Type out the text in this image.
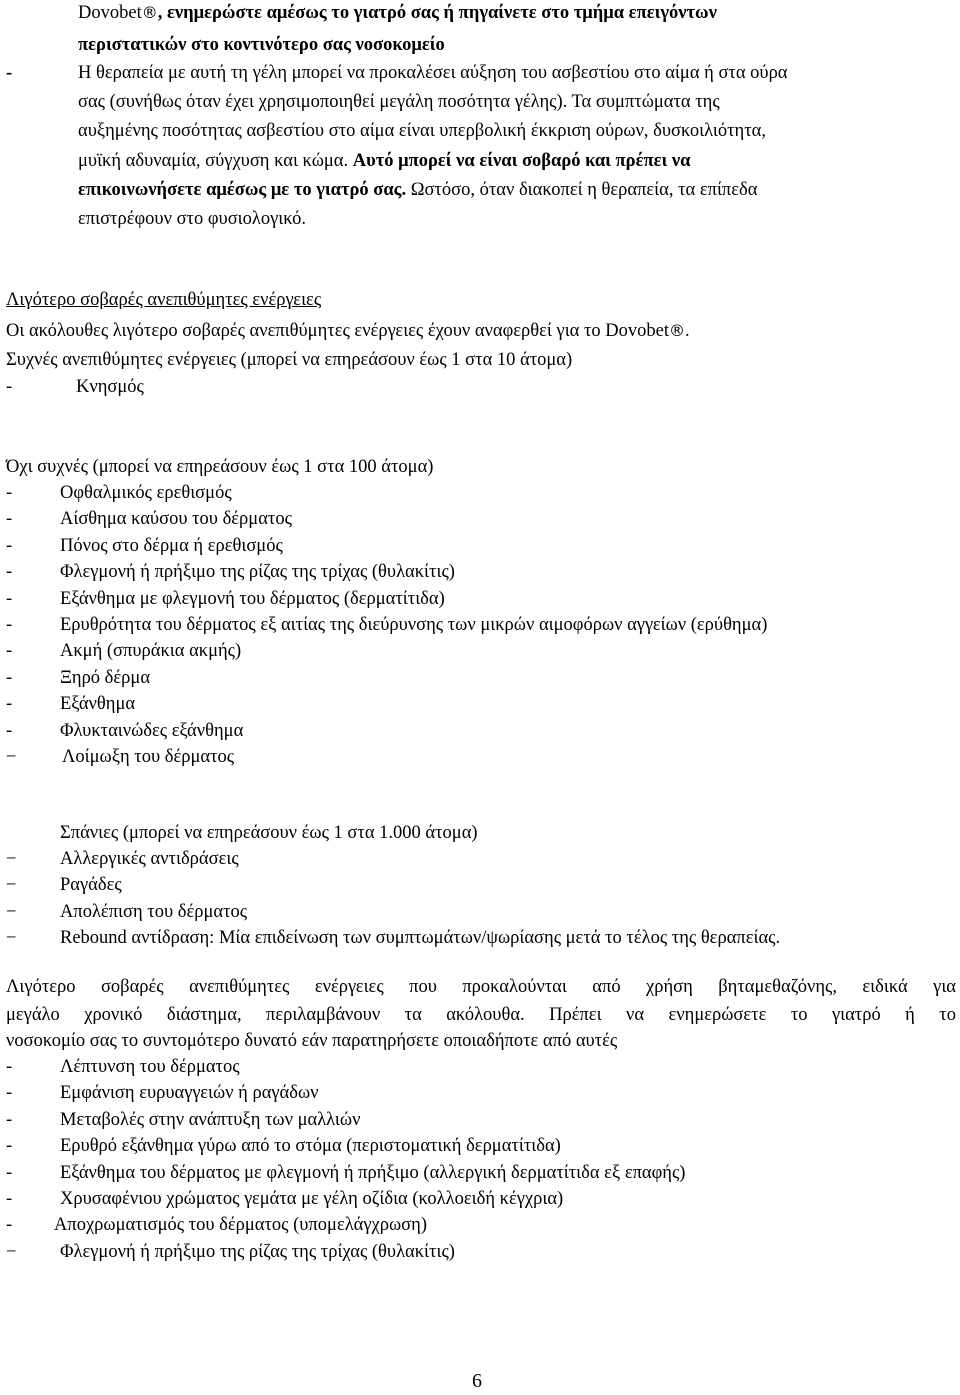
Dovobet®, ενημερώστε αμέσως το γιατρό σας ή πηγαίνετε στο τμήμα επειγόντων
περιστατικών στο κοντινότερο σας νοσοκομείο
-	Η θεραπεία με αυτή τη γέλη μπορεί να προκαλέσει αύξηση του ασβεστίου στο αίμα ή στα ούρα
σας (συνήθως όταν έχει χρησιμοποιηθεί μεγάλη ποσότητα γέλης). Τα συμπτώματα της
αυξημένης ποσότητας ασβεστίου στο αίμα είναι υπερβολική έκκριση ούρων, δυσκοιλιότητα,
μυϊκή αδυναμία, σύγχυση και κώμα. Αυτό μπορεί να είναι σοβαρό και πρέπει να
επικοινωνήσετε αμέσως με το γιατρό σας. Ωστόσο, όταν διακοπεί η θεραπεία, τα επίπεδα
επιστρέφουν στο φυσιολογικό.
Λιγότερο σοβαρές ανεπιθύμητες ενέργειες
Οι ακόλουθες λιγότερο σοβαρές ανεπιθύμητες ενέργειες έχουν αναφερθεί για το Dovobet®.
Συχνές ανεπιθύμητες ενέργειες (μπορεί να επηρεάσουν έως 1 στα 10 άτομα)
-	Κνησμός
Όχι συχνές (μπορεί να επηρεάσουν έως 1 στα 100 άτομα)
-	Οφθαλμικός ερεθισμός
-	Αίσθημα καύσου του δέρματος
-	Πόνος στο δέρμα ή ερεθισμός
-	Φλεγμονή ή πρήξιμο της ρίζας της τρίχας (θυλακίτις)
-	Εξάνθημα με φλεγμονή του δέρματος (δερματίτιδα)
-	Ερυθρότητα του δέρματος εξ αιτίας της διεύρυνσης των μικρών αιμοφόρων αγγείων (ερύθημα)
-	Ακμή (σπυράκια ακμής)
-	Ξηρό δέρμα
-	Εξάνθημα
-	Φλυκταινώδες εξάνθημα
−	Λοίμωξη του δέρματος
Σπάνιες (μπορεί να επηρεάσουν έως 1 στα 1.000 άτομα)
−	Αλλεργικές αντιδράσεις
−	Ραγάδες
−	Απολέπιση του δέρματος
−	Rebound αντίδραση: Μία επιδείνωση των συμπτωμάτων/ψωρίασης μετά το τέλος της θεραπείας.
Λιγότερο σοβαρές ανεπιθύμητες ενέργειες που προκαλούνται από χρήση βηταμεθαζόνης, ειδικά για
μεγάλο χρονικό διάστημα, περιλαμβάνουν τα ακόλουθα. Πρέπει να ενημερώσετε το γιατρό ή το
νοσοκομίο σας το συντομότερο δυνατό εάν παρατηρήσετε οποιαδήποτε από αυτές
-	Λέπτυνση του δέρματος
-	Εμφάνιση ευρυαγγειών ή ραγάδων
-	Μεταβολές στην ανάπτυξη των μαλλιών
-	Ερυθρό εξάνθημα γύρω από το στόμα (περιστοματική δερματίτιδα)
-	Εξάνθημα του δέρματος με φλεγμονή ή πρήξιμο (αλλεργική δερματίτιδα εξ επαφής)
-	Χρυσαφένιου χρώματος γεμάτα με γέλη οζίδια (κολλοειδή κέγχρια)
-	Αποχρωματισμός του δέρματος (υπομελάγχρωση)
−	Φλεγμονή ή πρήξιμο της ρίζας της τρίχας (θυλακίτις)
6
